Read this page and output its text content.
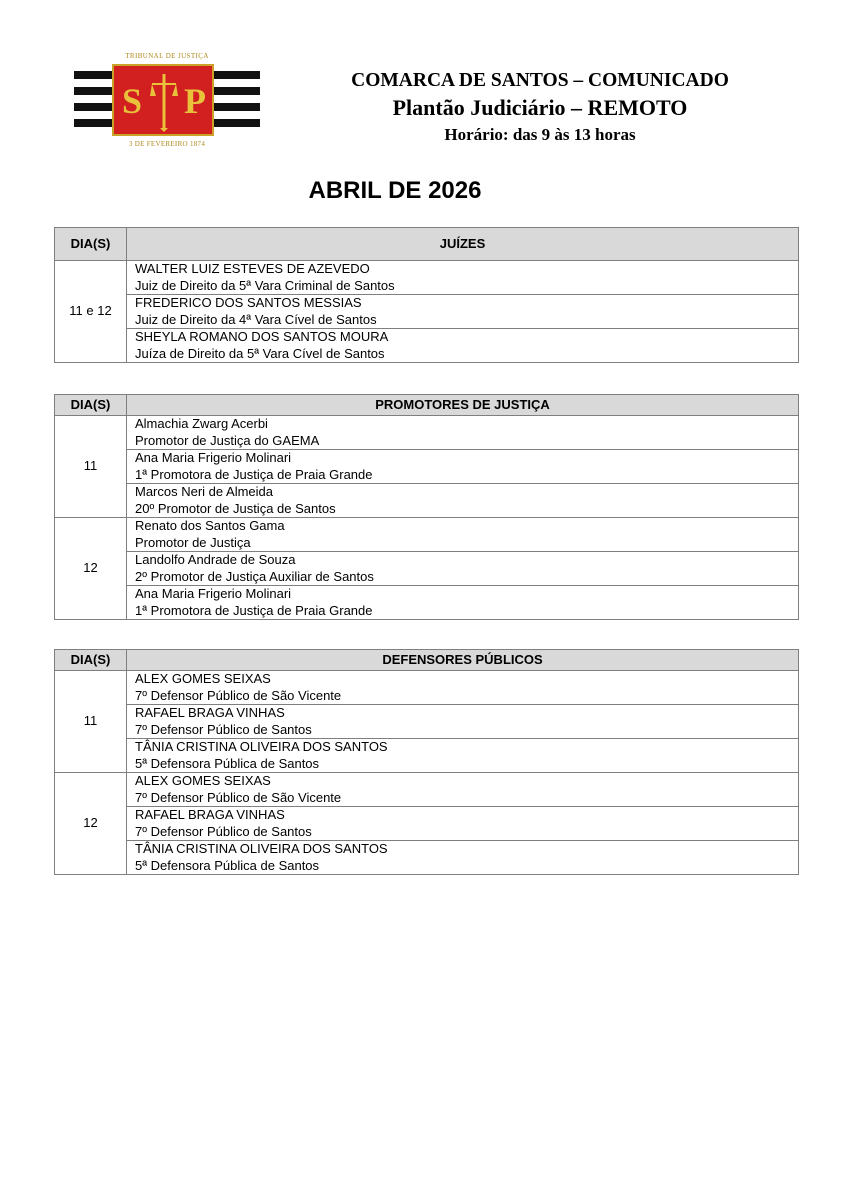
TRIBUNAL DE JUSTIÇA
S P
3 DE FEVEREIRO 1874
COMARCA DE SANTOS – COMUNICADO
Plantão Judiciário – REMOTO
Horário: das 9 às 13 horas
ABRIL DE 2026
DIA(S)	JUÍZES
11 e 12	WALTER LUIZ ESTEVES DE AZEVEDO
Juiz de Direito da 5ª Vara Criminal de Santos

	FREDERICO DOS SANTOS MESSIAS
Juiz de Direito da 4ª Vara Cível de Santos

	SHEYLA ROMANO DOS SANTOS MOURA
Juíza de Direito da 5ª Vara Cível de Santos
DIA(S)	PROMOTORES DE JUSTIÇA
11	Almachia Zwarg Acerbi
Promotor de Justiça do GAEMA

	Ana Maria Frigerio Molinari
1ª Promotora de Justiça de Praia Grande

	Marcos Neri de Almeida
20º Promotor de Justiça de Santos

12	Renato dos Santos Gama
Promotor de Justiça

	Landolfo Andrade de Souza
2º Promotor de Justiça Auxiliar de Santos

	Ana Maria Frigerio Molinari
1ª Promotora de Justiça de Praia Grande
DIA(S)	DEFENSORES PÚBLICOS
11	ALEX GOMES SEIXAS
7º Defensor Público de São Vicente

	RAFAEL BRAGA VINHAS
7º Defensor Público de Santos

	TÂNIA CRISTINA OLIVEIRA DOS SANTOS
5ª Defensora Pública de Santos

12	ALEX GOMES SEIXAS
7º Defensor Público de São Vicente

	RAFAEL BRAGA VINHAS
7º Defensor Público de Santos

	TÂNIA CRISTINA OLIVEIRA DOS SANTOS
5ª Defensora Pública de Santos
